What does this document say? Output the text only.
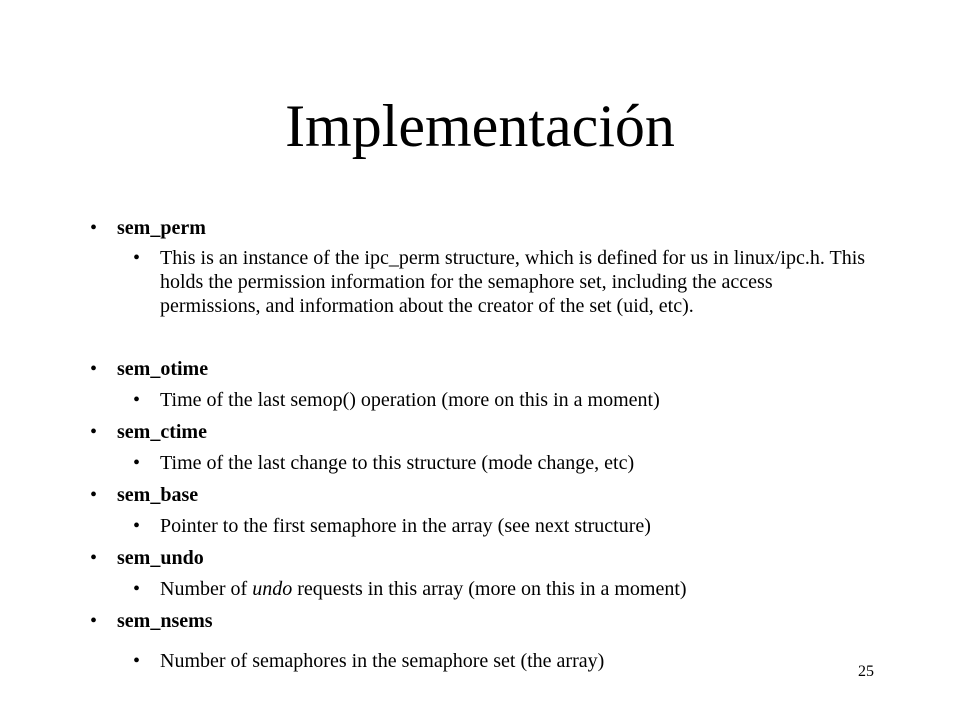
Implementación
• sem_perm
• This is an instance of the ipc_perm structure, which is defined for us in linux/ipc.h. This holds the permission information for the semaphore set, including the access permissions, and information about the creator of the set (uid, etc).
• sem_otime
• Time of the last semop() operation (more on this in a moment)
• sem_ctime
• Time of the last change to this structure (mode change, etc)
• sem_base
• Pointer to the first semaphore in the array (see next structure)
• sem_undo
• Number of undo requests in this array (more on this in a moment)
• sem_nsems
• Number of semaphores in the semaphore set (the array)	25
